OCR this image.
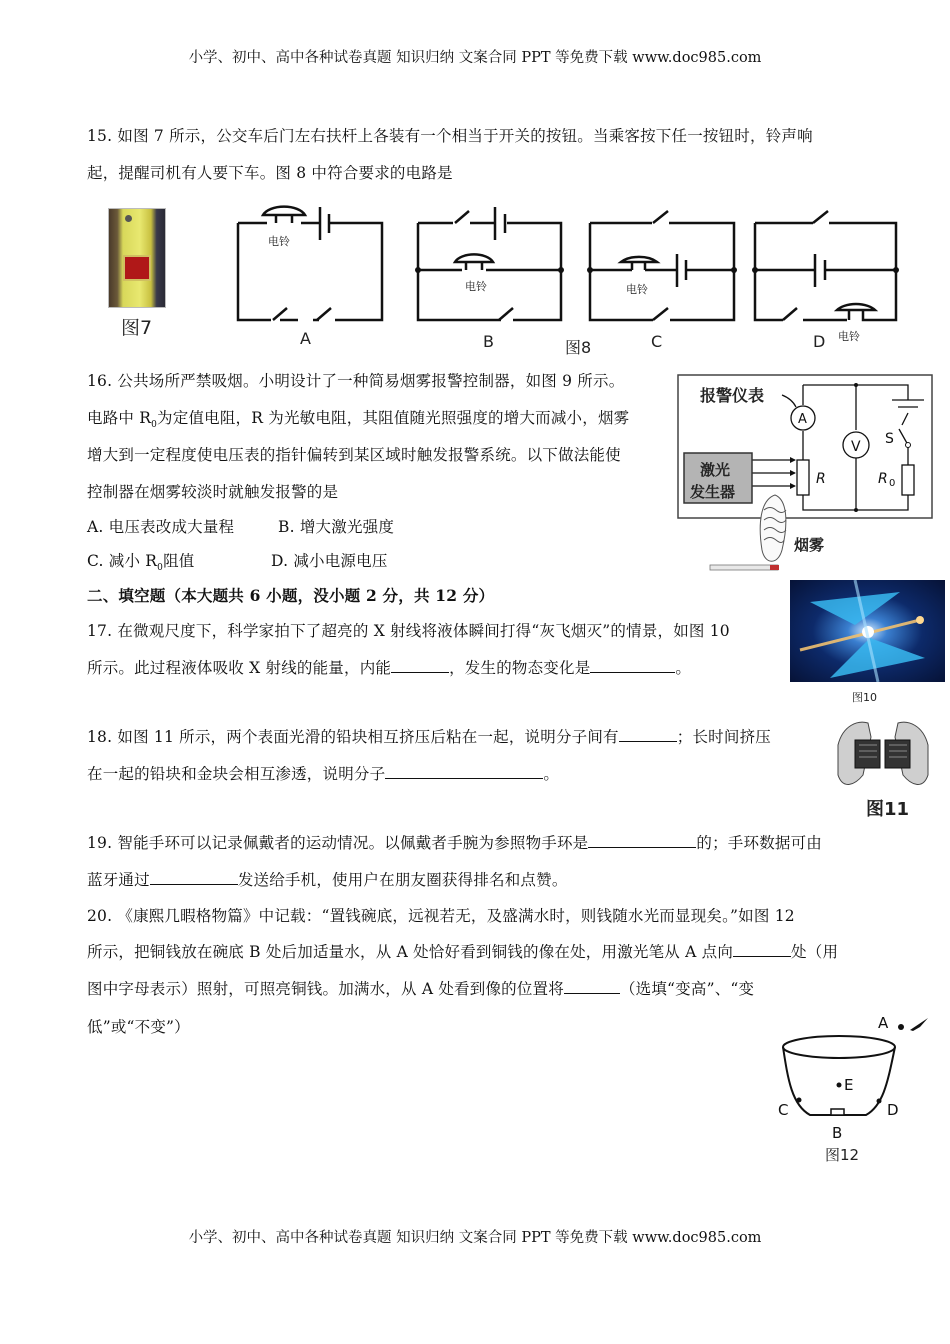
小学、初中、高中各种试卷真题 知识归纳 文案合同 PPT 等免费下载 www.doc985.com
15. 如图 7 所示，公交车后门左右扶杆上各装有一个相当于开关的按钮。当乘客按下任一按钮时，铃声响
起，提醒司机有人要下车。图 8 中符合要求的电路是
图7
电铃
电铃	电铃
电铃
A	B	图8	C	D
16. 公共场所严禁吸烟。小明设计了一种简易烟雾报警控制器，如图 9 所示。
电路中 $R_0$为定值电阻，R 为光敏电阻，其阻值随光照强度的增大而减小，烟雾
增大到一定程度使电压表的指针偏转到某区域时触发报警系统。以下做法能使
控制器在烟雾较淡时就触发报警的是
A. 电压表改成大量程	B. 增大激光强度
C. 减小 $R_0$阻值	D. 减小电源电压
报警仪表
A
V S
R	R 0
激光
发生器
烟雾
二、填空题（本大题共 6 小题，没小题 2 分，共 12 分）
17. 在微观尺度下，科学家拍下了超亮的 X 射线将液体瞬间打得“灰飞烟灭”的情景，如图 10
所示。此过程液体吸收 X 射线的能量，内能	，发生的物态变化是	。
图10
18. 如图 11 所示，两个表面光滑的铅块相互挤压后粘在一起，说明分子间有	；长时间挤压
在一起的铅块和金块会相互渗透，说明分子	。
图11
19. 智能手环可以记录佩戴者的运动情况。以佩戴者手腕为参照物手环是	的；手环数据可由
蓝牙通过	发送给手机，使用户在朋友圈获得排名和点赞。
20. 《康熙几暇格物篇》中记载：“置钱碗底，远视若无，及盛满水时，则钱随水光而显现矣。”如图 12
所示，把铜钱放在碗底 B 处后加适量水，从 A 处恰好看到铜钱的像在处，用激光笔从 A 点向	处（用
图中字母表示）照射，可照亮铜钱。加满水，从 A 处看到像的位置将	（选填“变高”、“变
低”或“不变”）	A
B
C	D
E
图12
小学、初中、高中各种试卷真题 知识归纳 文案合同 PPT 等免费下载 www.doc985.com
